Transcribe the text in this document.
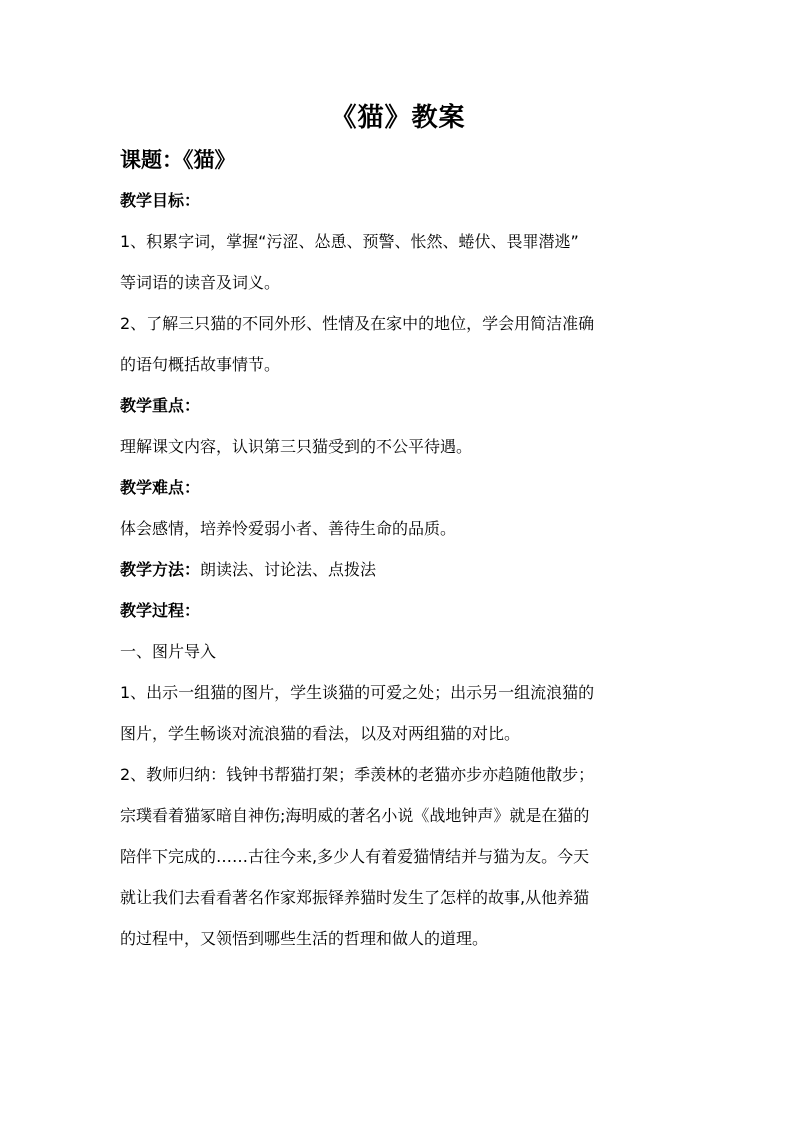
《猫》教案
课题：《猫》
教学目标：
1、积累字词，掌握“污涩、怂恿、预警、怅然、蜷伏、畏罪潜逃”
等词语的读音及词义。
2、了解三只猫的不同外形、性情及在家中的地位，学会用简洁准确
的语句概括故事情节。
教学重点：
理解课文内容，认识第三只猫受到的不公平待遇。
教学难点：
体会感情，培养怜爱弱小者、善待生命的品质。
教学方法：朗读法、讨论法、点拨法
教学过程：
一、图片导入
1、出示一组猫的图片，学生谈猫的可爱之处；出示另一组流浪猫的
图片，学生畅谈对流浪猫的看法，以及对两组猫的对比。
2、教师归纳：钱钟书帮猫打架；季羡林的老猫亦步亦趋随他散步；
宗璞看着猫冢暗自神伤;海明威的著名小说《战地钟声》就是在猫的
陪伴下完成的……古往今来,多少人有着爱猫情结并与猫为友。今天
就让我们去看看著名作家郑振铎养猫时发生了怎样的故事,从他养猫
的过程中，又领悟到哪些生活的哲理和做人的道理。
